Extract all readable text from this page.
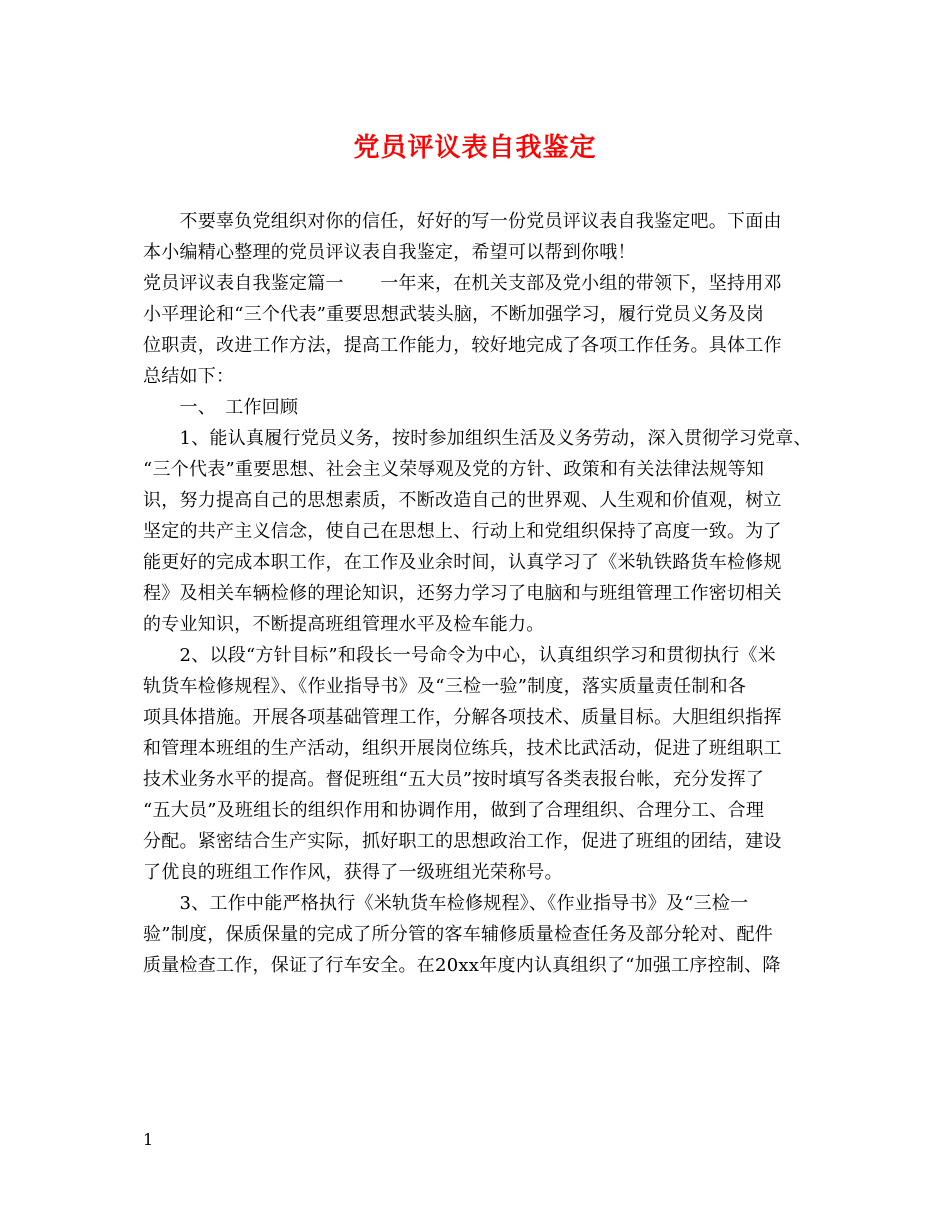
党员评议表自我鉴定
　　不要辜负党组织对你的信任，好好的写一份党员评议表自我鉴定吧。下面由
本小编精心整理的党员评议表自我鉴定，希望可以帮到你哦！
党员评议表自我鉴定篇一　　一年来，在机关支部及党小组的带领下，坚持用邓
小平理论和“三个代表”重要思想武装头脑，不断加强学习，履行党员义务及岗
位职责，改进工作方法，提高工作能力，较好地完成了各项工作任务。具体工作
总结如下：
　　一、　工作回顾
　　1、能认真履行党员义务，按时参加组织生活及义务劳动，深入贯彻学习党章、
“三个代表”重要思想、社会主义荣辱观及党的方针、政策和有关法律法规等知
识，努力提高自己的思想素质，不断改造自己的世界观、人生观和价值观，树立
坚定的共产主义信念，使自己在思想上、行动上和党组织保持了高度一致。为了
能更好的完成本职工作，在工作及业余时间，认真学习了《米轨铁路货车检修规
程》及相关车辆检修的理论知识，还努力学习了电脑和与班组管理工作密切相关
的专业知识，不断提高班组管理水平及检车能力。
　　2、以段“方针目标”和段长一号命令为中心，认真组织学习和贯彻执行《米
轨货车检修规程》、《作业指导书》及“三检一验”制度，落实质量责任制和各
项具体措施。开展各项基础管理工作，分解各项技术、质量目标。大胆组织指挥
和管理本班组的生产活动，组织开展岗位练兵，技术比武活动，促进了班组职工
技术业务水平的提高。督促班组“五大员”按时填写各类表报台帐，充分发挥了
“五大员”及班组长的组织作用和协调作用，做到了合理组织、合理分工、合理
分配。紧密结合生产实际，抓好职工的思想政治工作，促进了班组的团结，建设
了优良的班组工作作风，获得了一级班组光荣称号。
　　3、工作中能严格执行《米轨货车检修规程》、《作业指导书》及“三检一
验”制度，保质保量的完成了所分管的客车辅修质量检查任务及部分轮对、配件
质量检查工作，保证了行车安全。在20xx年度内认真组织了“加强工序控制、降
1
